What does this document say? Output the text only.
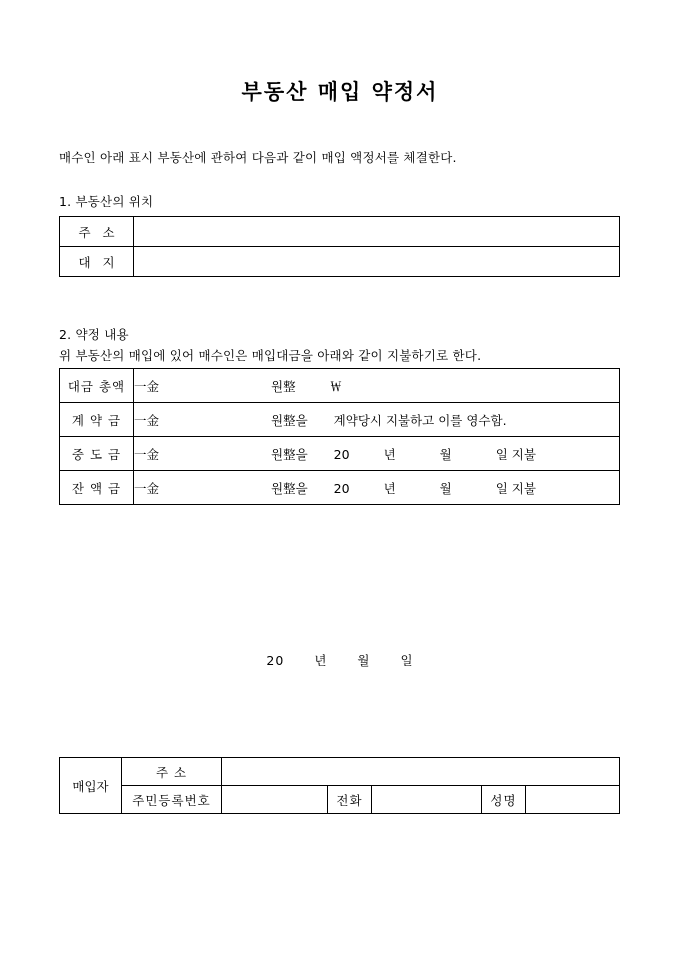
부동산 매입 약정서
매수인 아래 표시 부동산에 관하여 다음과 같이 매입 액정서를 체결한다.
1. 부동산의 위치
주 소	
대 지	
2. 약정 내용
위 부동산의 매입에 있어 매수인은 매입대금을 아래와 같이 지불하기로 한다.
대금 총액	一金 원整 ￦
계 약 금	一金 원整을 계약당시 지불하고 이를 영수함.
중 도 금	一金 원整을 20 년 월 일 지불
잔 액 금	一金 원整을 20 년 월 일 지불
20 년 월 일
매입자	주 소					
	주민등록번호		전화		성명	
